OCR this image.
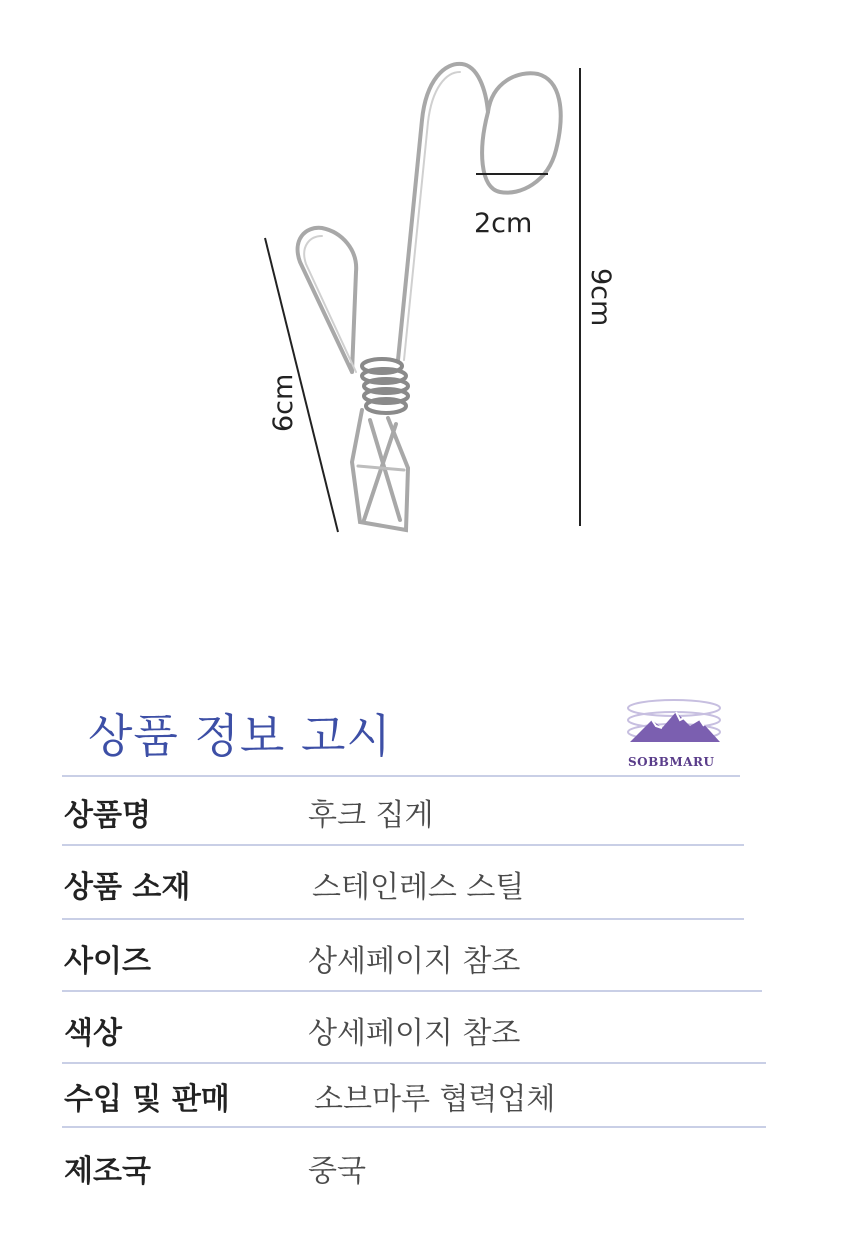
2cm
9cm
6cm
상품 정보 고시	SOBBMARU
상품명	후크 집게
상품 소재	스테인레스 스틸
사이즈	상세페이지 참조
색상	상세페이지 참조
수입 및 판매	소브마루 협력업체
제조국	중국
